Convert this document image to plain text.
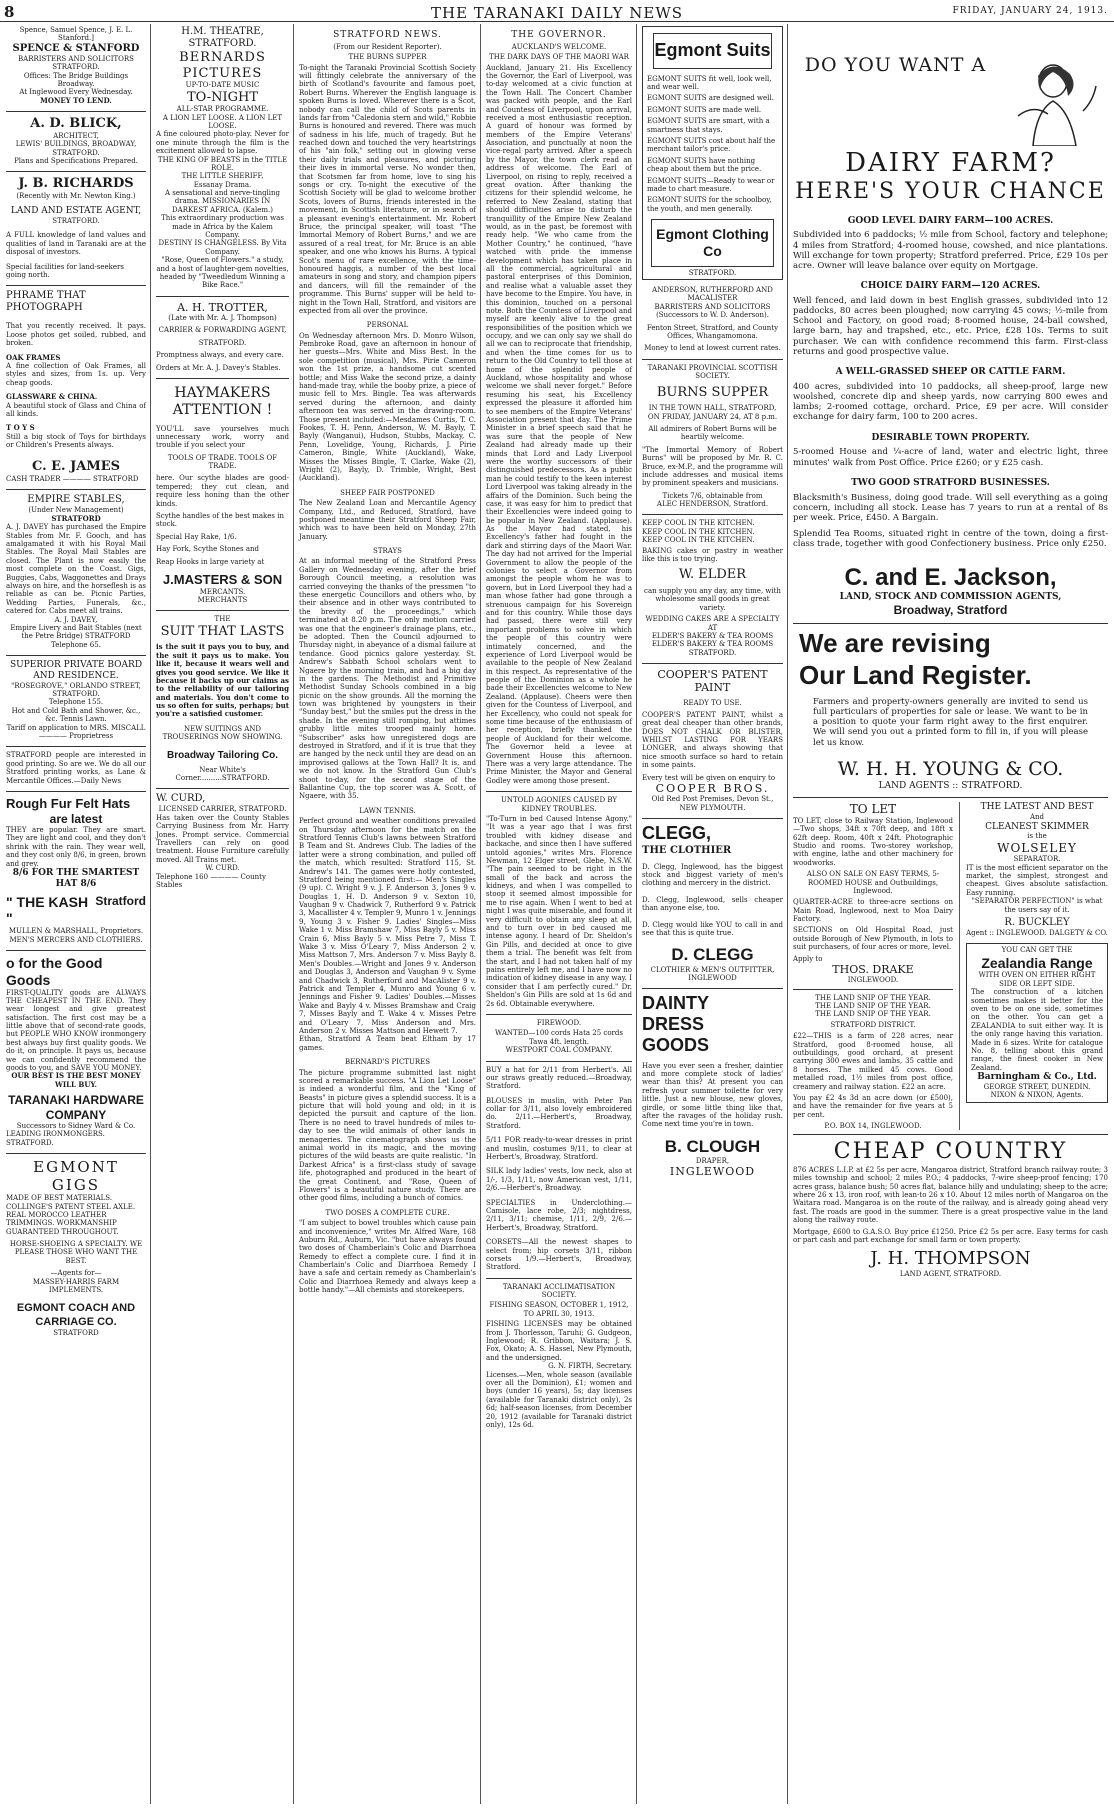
8	THE TARANAKI DAILY NEWS	FRIDAY, JANUARY 24, 1913.
Spence, Samuel Spence, J. E. L. Stanford.]
SPENCE & STANFORD
BARRISTERS AND SOLICITORS
STRATFORD.
Offices: The Bridge Buildings Broadway.
At Inglewood Every Wednesday.
MONEY TO LEND.
A. D. BLICK,
ARCHITECT,
LEWIS' BUILDINGS, BROADWAY, STRATFORD.
Plans and Specifications Prepared.
J. B. RICHARDS
(Recently with Mr. Newton King.)
LAND AND ESTATE AGENT,
STRATFORD.
A FULL knowledge of land values and qualities of land in Taranaki are at the disposal of investors.
Special facilities for land-seekers going north.
PHRAME THAT PHOTOGRAPH
That you recently received. It pays. Loose photos get soiled, rubbed, and broken.
OAK FRAMES
A fine collection of Oak Frames, all styles and sizes, from 1s. up. Very cheap goods.
GLASSWARE & CHINA.
A beautiful stock of Glass and China of all kinds.
T O Y S
Still a big stock of Toys for birthdays or Children's Presents always.
C. E. JAMES
CASH TRADER ———— STRATFORD
EMPIRE STABLES,
(Under New Management)
STRATFORD
A. J. DAVEY has purchased the Empire Stables from Mr. F. Gooch, and has amalgamated it with his Royal Mail Stables. The Royal Mail Stables are closed. The Plant is now easily the most complete on the Coast. Gigs, Buggies, Cabs, Waggonettes and Drays always on hire, and the horseflesh is as reliable as can be. Picnic Parties, Wedding Parties, Funerals, &c., catered for. Cabs meet all trains.
A. J. DAVEY,
Empire Livery and Bait Stables (next the Petre Bridge) STRATFORD Telephone 65.
SUPERIOR PRIVATE BOARD AND RESIDENCE.
"ROSEGROVE," ORLANDO STREET, STRATFORD.
Telephone 155.
Hot and Cold Bath and Shower, &c., &c. Tennis Lawn.
Tariff on application to MRS. MISCALL ———— Proprietress
STRATFORD people are interested in good printing. So are we. We do all our Stratford printing works, as Lane & Mercantile Offices.—Daily News
Rough Fur Felt Hats
are latest
THEY are popular. They are smart. They are light and cool, and they don't shrink with the rain. They wear well, and they cost only 8/6, in green, brown and grey.
8/6 FOR THE SMARTEST HAT 8/6
" THE KASH "
Stratford
MULLEN & MARSHALL, Proprietors. MEN'S MERCERS AND CLOTHIERS.
o for the Good Goods
FIRST-QUALITY goods are ALWAYS THE CHEAPEST IN THE END. They wear longest and give greatest satisfaction. The first cost may be a little above that of second-rate goods, but PEOPLE WHO KNOW ironmongery best always buy first quality goods. We do it, on principle. It pays us, because we can confidently recommend the goods to you, and SAVE YOU MONEY.
OUR BEST IS THE BEST MONEY WILL BUY.
TARANAKI HARDWARE COMPANY
Successors to Sidney Ward & Co.
LEADING IRONMONGERS. STRATFORD.
EGMONT GIGS
MADE OF BEST MATERIALS. COLLINGE'S PATENT STEEL AXLE. REAL MOROCCO LEATHER TRIMMINGS. WORKMANSHIP GUARANTEED THROUGHOUT.
HORSE-SHOEING A SPECIALTY. WE PLEASE THOSE WHO WANT THE BEST.
—Agents for—
MASSEY-HARRIS FARM IMPLEMENTS.
EGMONT COACH AND CARRIAGE CO.
STRATFORD
H.M. THEATRE, STRATFORD.
BERNARDS PICTURES
UP-TO-DATE MUSIC
TO-NIGHT
ALL-STAR PROGRAMME.
A LION LET LOOSE. A LION LET LOOSE.
A fine coloured photo-play. Never for one minute through the film is the excitement allowed to lapse.
THE KING OF BEASTS in the TITLE ROLE.
THE LITTLE SHERIFF,
Essanay Drama.
A sensational and nerve-tingling drama. MISSIONARIES IN DARKEST AFRICA. (Kalem.)
This extraordinary production was made in Africa by the Kalem Company.
DESTINY IS CHANGELESS. By Vita Company.
"Rose, Queen of Flowers." a study, and a host of laughter-gem novelties, headed by "Tweedledum Winning a Bike Race."
A. H. TROTTER,
(Late with Mr. A. J. Thompson)
CARRIER & FORWARDING AGENT,
STRATFORD.
Promptness always, and every care.
Orders at Mr. A. J. Davey's Stables.
HAYMAKERS ATTENTION !
YOU'LL save yourselves much unnecessary work, worry and trouble if you select your
TOOLS OF TRADE. TOOLS OF TRADE.
here. Our scythe blades are good-tempered; they cut clean, and require less honing than the other kinds.
Scythe handles of the best makes in stock.
Special Hay Rake, 1/6.
Hay Fork, Scythe Stones and
Reap Hooks in large variety at
J.MASTERS & SON
MERCANTS.
MERCHANTS
THE
SUIT THAT LASTS
is the suit it pays you to buy, and the suit it pays us to make. You like it, because it wears well and gives you good service. We like it because it backs up our claims as to the reliability of our tailoring and materials. You don't come to us so often for suits, perhaps; but you're a satisfied customer.
NEW SUITINGS AND TROUSERINGS NOW SHOWING.
Broadway Tailoring Co.
Near White's Corner..........STRATFORD.
W. CURD,
LICENSED CARRIER, STRATFORD.
Has taken over the County Stables Carrying Business from Mr. Harry Jones. Prompt service. Commercial Travellers can rely on good treatment. House Furniture carefully moved. All Trains met.
W. CURD.
Telephone 160 ———— County Stables
STRATFORD NEWS.
(From our Resident Reporter).
THE BURNS SUPPER
To-night the Taranaki Provincial Scottish Society will fittingly celebrate the anniversary of the birth of Scotland's favourite and famous poet, Robert Burns. Wherever the English language is spoken Burns is loved. Wherever there is a Scot, nobody can call the child of Scots parents in lands far from "Caledonia stern and wild," Robbie Burns is honoured and revered. There was much of sadness in his life, much of tragedy. But he reached down and touched the very heartstrings of his "ain folk," setting out in glowing verse their daily trials and pleasures, and picturing their lives in immortal verse. No wonder then, that Scotsmen far from home, love to sing his songs or cry. To-night the executive of the Scottish Society will be glad to welcome brother Scots, lovers of Burns, friends interested in the movement, in Scottish literature, or in search of a pleasant evening's entertainment. Mr. Robert Bruce, the principal speaker, will toast "The Immortal Memory of Robert Burns," and we are assured of a real treat, for Mr. Bruce is an able speaker, and one who knows his Burns. A typical Scot's menu of rare excellence, with the time-honoured haggis, a number of the best local amateurs in song and story, and champion pipers and dancers, will fill the remainder of the programme. This Burns' supper will be held to-night in the Town Hall, Stratford, and visitors are expected from all over the province.
PERSONAL
On Wednesday afternoon Mrs. D. Monro Wilson, Pembroke Road, gave an afternoon in honour of her guests—Mrs. White and Miss Best. In the sole competition (musical), Mrs. Pirie Cameron won the 1st prize, a handsome cut scented bottle; and Miss Wake the second prize, a dainty hand-made tray, while the booby prize, a piece of music fell to Mrs. Bingle. Tea was afterwards served during the afternoon, and dainty afternoon tea was served in the drawing-room. Those present included:—Mesdames Curtis, T. C. Fookes, T. H. Penn, Anderson, W. M. Bayly, T. Bayly (Wanganui), Hudson, Stubbs, Mackay, C. Penn, Lovelidge, Young, Richards, J. Pirie Cameron, Bingle, White (Auckland), Wake, Misses the Misses Bingle, T. Clarke, Wake (2), Wright (2), Bayly, D. Trimble, Wright, Best (Auckland).
SHEEP FAIR POSTPONED
The New Zealand Loan and Mercantile Agency Company, Ltd., and Reduced, Stratford, have postponed meantime their Stratford Sheep Fair, which was to have been held on Monday, 27th January.
STRAYS
At an informal meeting of the Stratford Press Gallery on Wednesday evening, after the brief Borough Council meeting, a resolution was carried conveying the thanks of the pressmen "to these energetic Councillors and others who, by their absence and in other ways contributed to the brevity of the proceedings," which terminated at 8.20 p.m. The only motion carried was one that the engineer's drainage plans, etc., be adopted. Then the Council adjourned to Thursday night, in abeyance of a dismal failure at tendance. Good picnics galore yesterday. St. Andrew's Sabbath School scholars went to Ngaere by the morning train, and had a big day in the gardens. The Methodist and Primitive Methodist Sunday Schools combined in a big picnic on the show grounds. All the morning the town was brightened by youngsters in their "Sunday best," but the smiles put the dress in the shade. In the evening still romping, but attimes grubby little mites trooped mainly home. "Subscriber" asks how unregistered dogs are destroyed in Stratford, and if it is true that they are hanged by the neck until they are dead on an improvised gallows at the Town Hall? It is, and we do not know. In the Stratford Gun Club's shoot to-day, for the second stage of the Ballantine Cup, the top scorer was A. Scott, of Ngaere, with 35.
LAWN TENNIS.
Perfect ground and weather conditions prevailed on Thursday afternoon for the match on the Stratford Tennis Club's lawns between Stratford B Team and St. Andrews Club. The ladies of the latter were a strong combination, and pulled off the match, which resulted: Stratford 115, St. Andrew's 141. The games were hotly contested, Stratford being mentioned first:— Men's Singles (9 up). C. Wright 9 v. J. F. Anderson 3, Jones 9 v. Douglas 1, H. D. Anderson 9 v. Sexton 10, Vaughan 9 v. Chadwick 7, Rutherford 9 v. Patrick 3, Macallister 4 v. Templer 9, Munro 1 v. Jennings 9, Young 3 v. Fisher 9. Ladies' Singles—Miss Wake 1 v. Miss Bramshaw 7, Miss Bayly 5 v. Miss Crain 6, Miss Bayly 5 v. Miss Petre 7, Miss T. Wake 3 v. Miss O'Leary 7, Miss Anderson 2 v. Miss Mattson 7, Mrs. Anderson 7 v. Miss Bayly 8. Men's Doubles.—Wright and Jones 9 v. Anderson and Douglas 3, Anderson and Vaughan 9 v. Syme and Chadwick 3, Rutherford and MacAlister 9 v. Patrick and Templer 4, Munro and Young 6 v. Jennings and Fisher 9. Ladies' Doubles.—Misses Wake and Bayly 4 v. Misses Bramshaw and Craig 7, Misses Bayly and T. Wake 4 v. Misses Petre and O'Leary 7, Miss Anderson and Mrs. Anderson 2 v. Misses Mattson and Hewett 7.
Ethan, Stratford A Team beat Eltham by 17 games.
BERNARD'S PICTURES
The picture programme submitted last night scored a remarkable success. "A Lion Let Loose" is indeed a wonderful film, and the "King of Beasts" in picture gives a splendid success. It is a picture that will hold young and old; in it is depicted the pursuit and capture of the lion. There is no need to travel hundreds of miles to-day to see the wild animals of other lands in menageries. The cinematograph shows us the animal world in its magic, and the moving pictures of the wild beasts are quite realistic. "In Darkest Africa" is a first-class study of savage life, photographed and produced in the heart of the great Continent, and "Rose, Queen of Flowers" is a beautiful nature study. There are other good films, including a bunch of comics.
TWO DOSES A COMPLETE CURE.
"I am subject to bowel troubles which cause pain and inconvenience," writes Mr. Alfred Ware, 168 Auburn Rd., Auburn, Vic. "but have always found two doses of Chamberlain's Colic and Diarrhoea Remedy to effect a complete cure. I find it in Chamberlain's Colic and Diarrhoea Remedy I have a safe and certain remedy as Chamberlain's Colic and Diarrhoea Remedy and always keep a bottle handy."—All chemists and storekeepers.
THE GOVERNOR.
AUCKLAND'S WELCOME.
THE DARK DAYS OF THE MAORI WAR
Auckland, January 21. His Excellency the Governor, the Earl of Liverpool, was to-day welcomed at a civic function at the Town Hall. The Concert Chamber was packed with people, and the Earl and Countess of Liverpool, upon arrival, received a most enthusiastic reception. A guard of honour was formed by members of the Empire Veterans' Association, and punctually at noon the vice-regal party arrived. After a speech by the Mayor, the town clerk read an address of welcome. The Earl of Liverpool, on rising to reply, received a great ovation. After thanking the citizens for their splendid welcome, he referred to New Zealand, stating that should difficulties arise to disturb the tranquillity of the Empire New Zealand would, as in the past, be foremost with ready help. "We who came from the Mother Country," he continued, "have watched with pride the immense development which has taken place in all the commercial, agricultural and pastoral enterprises of this Dominion, and realise what a valuable asset they have become to the Empire. You have, in this dominion, touched on a personal note. Both the Countess of Liverpool and myself are keenly alive to the great responsibilities of the position which we occupy, and we can only say we shall do all we can to reciprocate that friendship, and when the time comes for us to return to the Old Country to tell those at home of the splendid people of Auckland, whose hospitality and whose welcome we shall never forget." Before resuming his seat, his Excellency expressed the pleasure it afforded him to see members of the Empire Veterans' Association present that day. The Prime Minister in a brief speech said that he was sure that the people of New Zealand had already made up their minds that Lord and Lady Liverpool were the worthy successors of their distinguished predecessors. As a public man he could testify to the keen interest Lord Liverpool was taking already in the affairs of the Dominion. Such being the case, it was easy for him to predict that their Excellencies were indeed going to be popular in New Zealand. (Applause). As the Mayor had stated, his Excellency's father had fought in the dark and stirring days of the Maori War. The day had not arrived for the Imperial Government to allow the people of the colonies to select a Governor from amongst the people whom he was to govern, but in Lord Liverpool they had a man whose father had gone through a strenuous campaign for his Sovereign and for this country. While those days had passed, there were still very important problems to solve in which the people of this country were intimately concerned, and the experience of Lord Liverpool would be available to the people of New Zealand in this respect. As representative of the people of the Dominion as a whole he bade their Excellencies welcome to New Zealand. (Applause). Cheers were then given for the Countess of Liverpool, and her Excellency, who could not speak for some time because of the enthusiasm of her reception, briefly thanked the people of Auckland for their welcome. The Governor held a levee at Government House this afternoon. There was a very large attendance. The Prime Minister, the Mayor and General Godley were among those present.
UNTOLD AGONIES CAUSED BY KIDNEY TROUBLES.
"To-Turn in bed Caused Intense Agony." "It was a year ago that I was first troubled with kidney disease and backache, and since then I have suffered untold agonies," writes Mrs. Florence Newman, 12 Elger street, Glebe, N.S.W. "The pain seemed to be right in the small of the back and across the kidneys, and when I was compelled to stoop it seemed almost impossible for me to rise again. When I went to bed at night I was quite miserable, and found it very difficult to obtain any sleep at all, and to turn over in bed caused me intense agony. I heard of Dr. Sheldon's Gin Pills, and decided at once to give them a trial. The benefit was felt from the start, and I had not taken half of my pains entirely left me, and I have now no indication of kidney disease in any way. I consider that I am perfectly cured." Dr. Sheldon's Gin Pills are sold at 1s 6d and 2s 6d. Obtainable everywhere.
FIREWOOD.
WANTED—100 cords Hata 25 cords Tawa 4ft. length.
WESTPORT COAL COMPANY.
BUY a hat for 2/11 from Herbert's. All our straws greatly reduced.—Broadway, Stratford.
BLOUSES in muslin, with Peter Pan collar for 3/11, also lovely embroidered do. 2/11.—Herbert's, Broadway, Stratford.
5/11 FOR ready-to-wear dresses in print and muslin, costumes 9/11, to clear at Herbert's, Broadway, Stratford.
SILK lady ladies' vests, low neck, also at 1/-, 1/3, 1/11, now American vest, 1/11, 2/6.—Herbert's, Broadway.
SPECIALTIES in Underclothing.—Camisole, lace robe, 2/3; nightdress, 2/11, 3/11; chemise, 1/11, 2/9, 2/6.—Herbert's, Broadway, Stratford.
CORSETS—All the newest shapes to select from; hip corsets 3/11, ribbon corsets 1/9.—Herbert's, Broadway, Stratford.
TARANAKI ACCLIMATISATION SOCIETY.
FISHING SEASON, OCTOBER 1, 1912, TO APRIL 30, 1913.
FISHING LICENSES may be obtained from J. Thorlesson, Taruhi; G. Gudgeon, Inglewood; R. Gribbon, Waitara; J. S. Fox, Okato; A. S. Hassel, New Plymouth, and the undersigned.
G. N. FIRTH, Secretary.
Licenses.—Men, whole season (available over all the Dominion), £1; women and boys (under 16 years), 5s; day licenses (available for Taranaki district only), 2s 6d; half-season licenses, from December 20, 1912 (available for Taranaki district only), 12s 6d.
Egmont Suits
EGMONT SUITS fit well, look well, and wear well.
EGMONT SUITS are designed well.
EGMONT SUITS are made well.
EGMONT SUITS are smart, with a smartness that stays.
EGMONT SUITS cost about half the merchant tailor's price.
EGMONT SUITS have nothing cheap about them but the price.
EGMONT SUITS—Ready to wear or made to chart measure.
EGMONT SUITS for the schoolboy, the youth, and men generally.
Egmont Clothing Co
STRATFORD.
ANDERSON, RUTHERFORD AND MACALISTER
BARRISTERS AND SOLICITORS (Successors to W. D. Anderson).
Fenton Street, Stratford, and County Offices, Whangamomona.
Money to lend at lowest current rates.
TARANAKI PROVINCIAL SCOTTISH SOCIETY.
BURNS SUPPER
IN THE TOWN HALL, STRATFORD,
ON FRIDAY, JANUARY 24, AT 8 p.m.
All admirers of Robert Burns will be heartily welcome.
"The Immortal Memory of Robert Burns" will be proposed by Mr. R. C. Bruce, ex-M.P., and the programme will include addresses and musical items by prominent speakers and musicians.
Tickets 7/6, obtainable from
ALEC HENDERSON, Stratford.
KEEP COOL IN THE KITCHEN.
KEEP COOL IN THE KITCHEN.
KEEP COOL IN THE KITCHEN.
BAKING cakes or pastry in weather like this is too trying.
W. ELDER
can supply you any day, any time, with wholesome small goods in great variety.
WEDDING CAKES ARE A SPECIALTY AT
ELDER'S BAKERY & TEA ROOMS ELDER'S BAKERY & TEA ROOMS STRATFORD.
COOPER'S PATENT PAINT
READY TO USE.
COOPER'S PATENT PAINT, whilst a great deal cheaper than other brands, DOES NOT CHALK OR BLISTER, WHILST LASTING FOR YEARS LONGER, and always showing that nice smooth surface so hard to retain in some paints.
Every test will be given on enquiry to
COOPER BROS.
Old Red Post Premises, Devon St., NEW PLYMOUTH.
CLEGG,
THE CLOTHIER
D. Clegg, Inglewood, has the biggest stock and biggest variety of men's clothing and mercery in the district.
D. Clegg, Inglewood, sells cheaper than anyone else, too.
D. Clegg would like YOU to call in and see that this is quite true.
D. CLEGG
CLOTHIER & MEN'S OUTFITTER, INGLEWOOD
DAINTY DRESS GOODS
Have you ever seen a fresher, daintier and more complete stock of ladies' wear than this? At present you can refresh your summer toilette for very little. Just a new blouse, new gloves, girdle, or some little thing like that, after the ravages of the holiday rush. Come next time you're in town.
B. CLOUGH
DRAPER,
INGLEWOOD
DO YOU WANT A
DAIRY FARM?
HERE'S YOUR CHANCE
GOOD LEVEL DAIRY FARM—100 ACRES.
Subdivided into 6 paddocks; ½ mile from School, factory and telephone; 4 miles from Stratford; 4-roomed house, cowshed, and nice plantations. Will exchange for town property; Stratford preferred. Price, £29 10s per acre. Owner will leave balance over equity on Mortgage.
CHOICE DAIRY FARM—120 ACRES.
Well fenced, and laid down in best English grasses, subdivided into 12 paddocks, 80 acres been ploughed; now carrying 45 cows; ½-mile from School and Factory, on good road; 8-roomed house, 24-bail cowshed, large barn, hay and trapshed, etc., etc. Price, £28 10s. Terms to suit purchaser. We can with confidence recommend this farm. First-class returns and good prospective value.
A WELL-GRASSED SHEEP OR CATTLE FARM.
400 acres, subdivided into 10 paddocks, all sheep-proof, large new woolshed, concrete dip and sheep yards, now carrying 800 ewes and lambs; 2-roomed cottage, orchard. Price, £9 per acre. Will consider exchange for dairy farm, 100 to 200 acres.
DESIRABLE TOWN PROPERTY.
5-roomed House and ¼-acre of land, water and electric light, three minutes' walk from Post Office. Price £260; or y £25 cash.
TWO GOOD STRATFORD BUSINESSES.
Blacksmith's Business, doing good trade. Will sell everything as a going concern, including all stock. Lease has 7 years to run at a rental of 8s per week. Price, £450. A Bargain.
Splendid Tea Rooms, situated right in centre of the town, doing a first-class trade, together with good Confectionery business. Price only £250.
C. and E. Jackson,
LAND, STOCK AND COMMISSION AGENTS,
Broadway, Stratford
We are revising
Our Land Register.
Farmers and property-owners generally are invited to send us full particulars of properties for sale or lease. We want to be in a position to quote your farm right away to the first enquirer. We will send you out a printed form to fill in, if you will please let us know.
W. H. H. YOUNG & CO.
LAND AGENTS :: STRATFORD.
TO LET
TO LET, close to Railway Station, Inglewood—Two shops, 34ft x 70ft deep, and 18ft x 62ft deep. Room, 40ft x 24ft. Photographic Studio and rooms. Two-storey workshop, with engine, lathe and other machinery for woodworks.
ALSO ON SALE ON EASY TERMS, 5-ROOMED HOUSE and Outbuildings, Inglewood.
QUARTER-ACRE to three-acre sections on Main Road, Inglewood, next to Moa Dairy Factory.
SECTIONS on Old Hospital Road, just outside Borough of New Plymouth, in lots to suit purchasers, of four acres or more, level.
Apply to
THOS. DRAKE
INGLEWOOD.
THE LAND SNIP OF THE YEAR.
THE LAND SNIP OF THE YEAR.
THE LAND SNIP OF THE YEAR.
STRATFORD DISTRICT.
£22—THIS is a farm of 228 acres, near Stratford, good 8-roomed house, all outbuildings, good orchard, at present carrying 300 ewes and lambs, 35 cattle and 8 horses. The milked 45 cows. Good metalled road, 1½ miles from post office, creamery and railway station. £22 an acre.
You pay £2 4s 3d an acre down (or £500), and have the remainder for five years at 5 per cent.
P.O. BOX 14, INGLEWOOD.
THE LATEST AND BEST
And
CLEANEST SKIMMER
is the
WOLSELEY
SEPARATOR.
IT is the most efficient separator on the market, the simplest, strongest and cheapest. Gives absolute satisfaction. Easy running.
"SEPARATOR PERFECTION" is what the users say of it.
R. BUCKLEY
Agent :: INGLEWOOD. DALGETY & CO.
YOU CAN GET THE
Zealandia Range
WITH OVEN ON EITHER RIGHT SIDE OR LEFT SIDE.
The construction of a kitchen sometimes makes it better for the oven to be on one side, sometimes on the other. You can get a ZEALANDIA to suit either way. It is the only range having this variation. Made in 6 sizes. Write for catalogue No. 8, telling about this grand range, the finest cooker in New Zealand.
Barningham & Co., Ltd.
GEORGE STREET, DUNEDIN. NIXON & NIXON, Agents.
CHEAP COUNTRY
876 ACRES L.I.P. at £2 5s per acre, Mangaroa district, Stratford branch railway route; 3 miles township and school; 2 miles P.O.; 4 paddocks, 7-wire sheep-proof fencing; 170 acres grass, balance bush; 50 acres flat, balance hilly and undulating; sheep to the acre; where 26 x 13, iron roof, with lean-to 26 x 10. About 12 miles north of Mangaroa on the Waitara road. Mangaroa is on the route of the railway, and is already going ahead very fast. The roads are good in the summer. There is a great prospective value in the land along the railway route.
Mortgage, £600 to G.A.S.O. Buy price £1250. Price £2 5s per acre. Easy terms for cash or part cash and part exchange for small farm or town property.
J. H. THOMPSON
LAND AGENT, STRATFORD.
